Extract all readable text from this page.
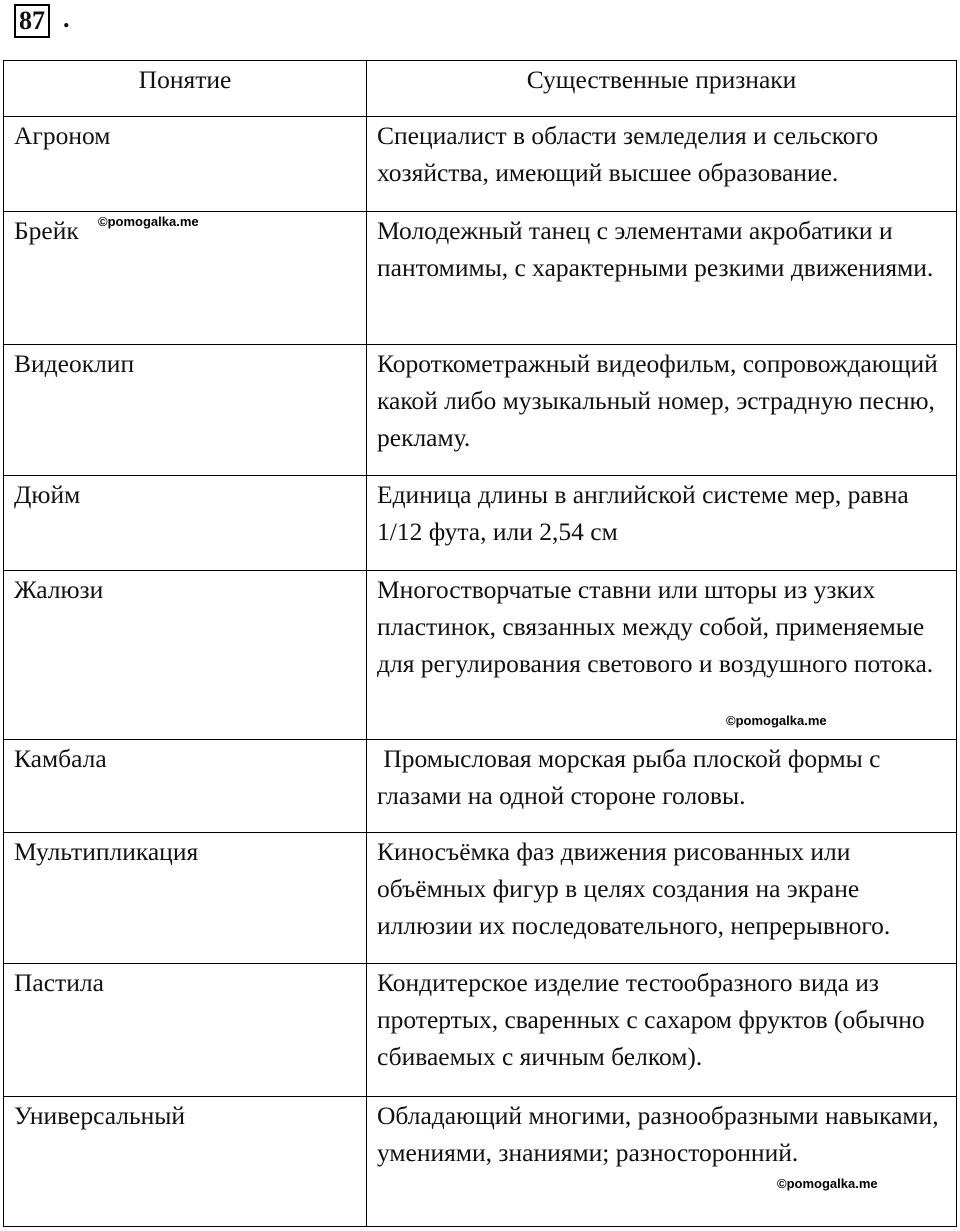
87 .
Понятие	Существенные признаки

Агроном	Специалист в области земледелия и сельского хозяйства, имеющий высшее образование.

Брейк ©pomogalka.me	Молодежный танец с элементами акробатики и пантомимы, с характерными резкими движениями.

Видеоклип	Короткометражный видеофильм, сопровождающий какой либо музыкальный номер, эстрадную песню, рекламу.

Дюйм	Единица длины в английской системе мер, равна 1/12 фута, или 2,54 см

Жалюзи	Многостворчатые ставни или шторы из узких пластинок, связанных между собой, применяемые для регулирования светового и воздушного потока.
©pomogalka.me

Камбала	Промысловая морская рыба плоской формы с глазами на одной стороне головы.

Мультипликация	Киносъёмка фаз движения рисованных или объёмных фигур в целях создания на экране иллюзии их последовательного, непрерывного.

Пастила	Кондитерское изделие тестообразного вида из протертых, сваренных с сахаром фруктов (обычно сбиваемых с яичным белком).

Универсальный	Обладающий многими, разнообразными навыками, умениями, знаниями; разносторонний.
©pomogalka.me
